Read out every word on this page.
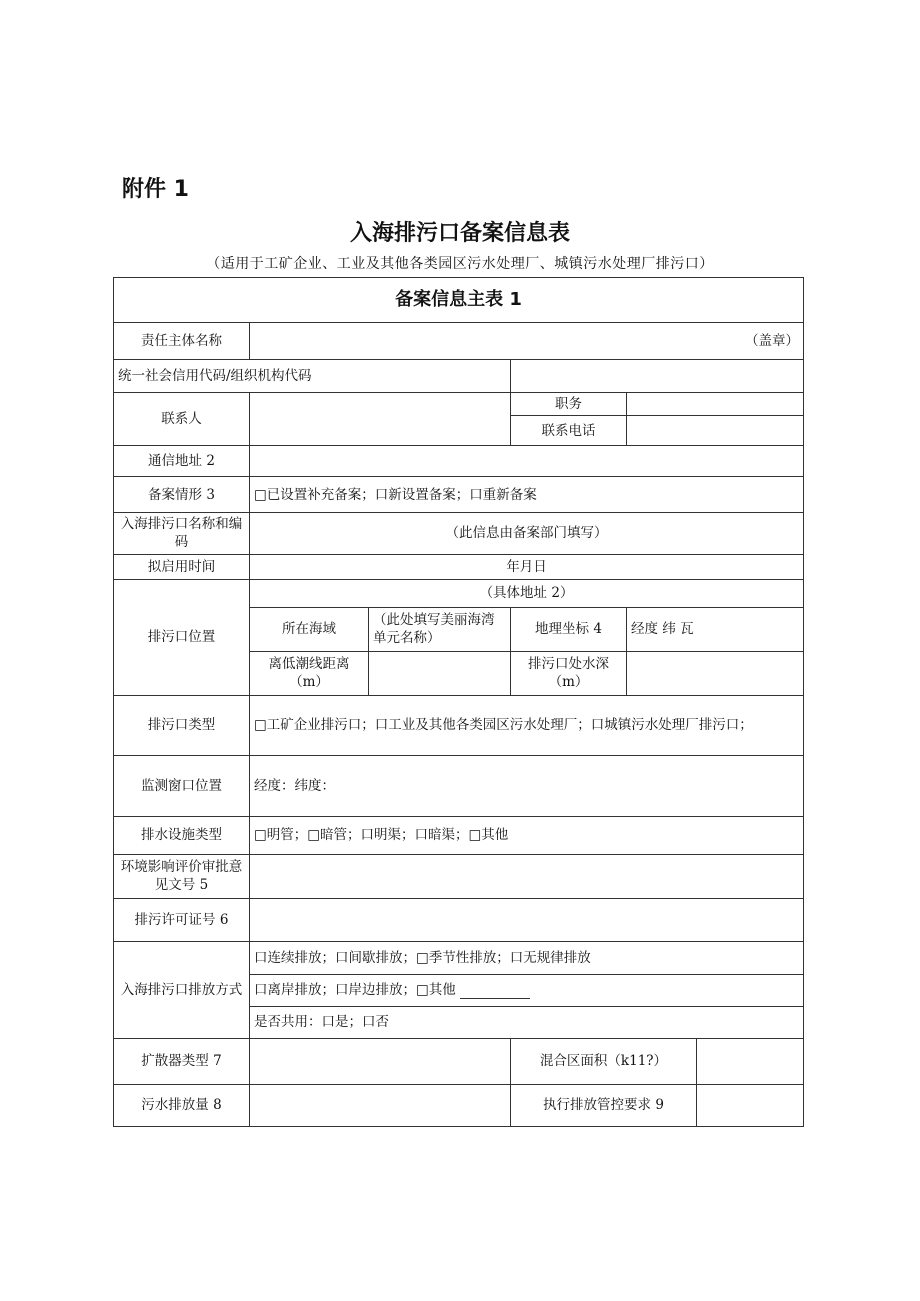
附件 1
入海排污口备案信息表
（适用于工矿企业、工业及其他各类园区污水处理厂、城镇污水处理厂排污口）
备案信息主表 1				
责任主体名称	（盖章）			
统一社会信用代码/组织机构代码				
联系人			职务	
			联系电话	
通信地址 2				
备案情形 3	□已设置补充备案；口新设置备案；口重新备案			
入海排污口名称和编码	（此信息由备案部门填写）			
拟启用时间	年月日			
排污口位置	（具体地址 2）			
	所在海域	（此处填写美丽海湾单元名称）	地理坐标 4	经度 纬 瓦
	离低潮线距离（m）		排污口处水深（m）	
排污口类型	□工矿企业排污口；口工业及其他各类园区污水处理厂；口城镇污水处理厂排污口；			
监测窗口位置	经度：纬度：			
排水设施类型	□明管；□暗管；口明渠；口暗渠；□其他			
环境影响评价审批意见文号 5				
排污许可证号 6				
入海排污口排放方式	口连续排放；口间歇排放；□季节性排放；口无规律排放			
	口离岸排放；口岸边排放；□其他			
	是否共用：口是；口否			
扩散器类型 7			混合区面积（k11?）	

污水排放量 8			执行排放管控要求 9	
